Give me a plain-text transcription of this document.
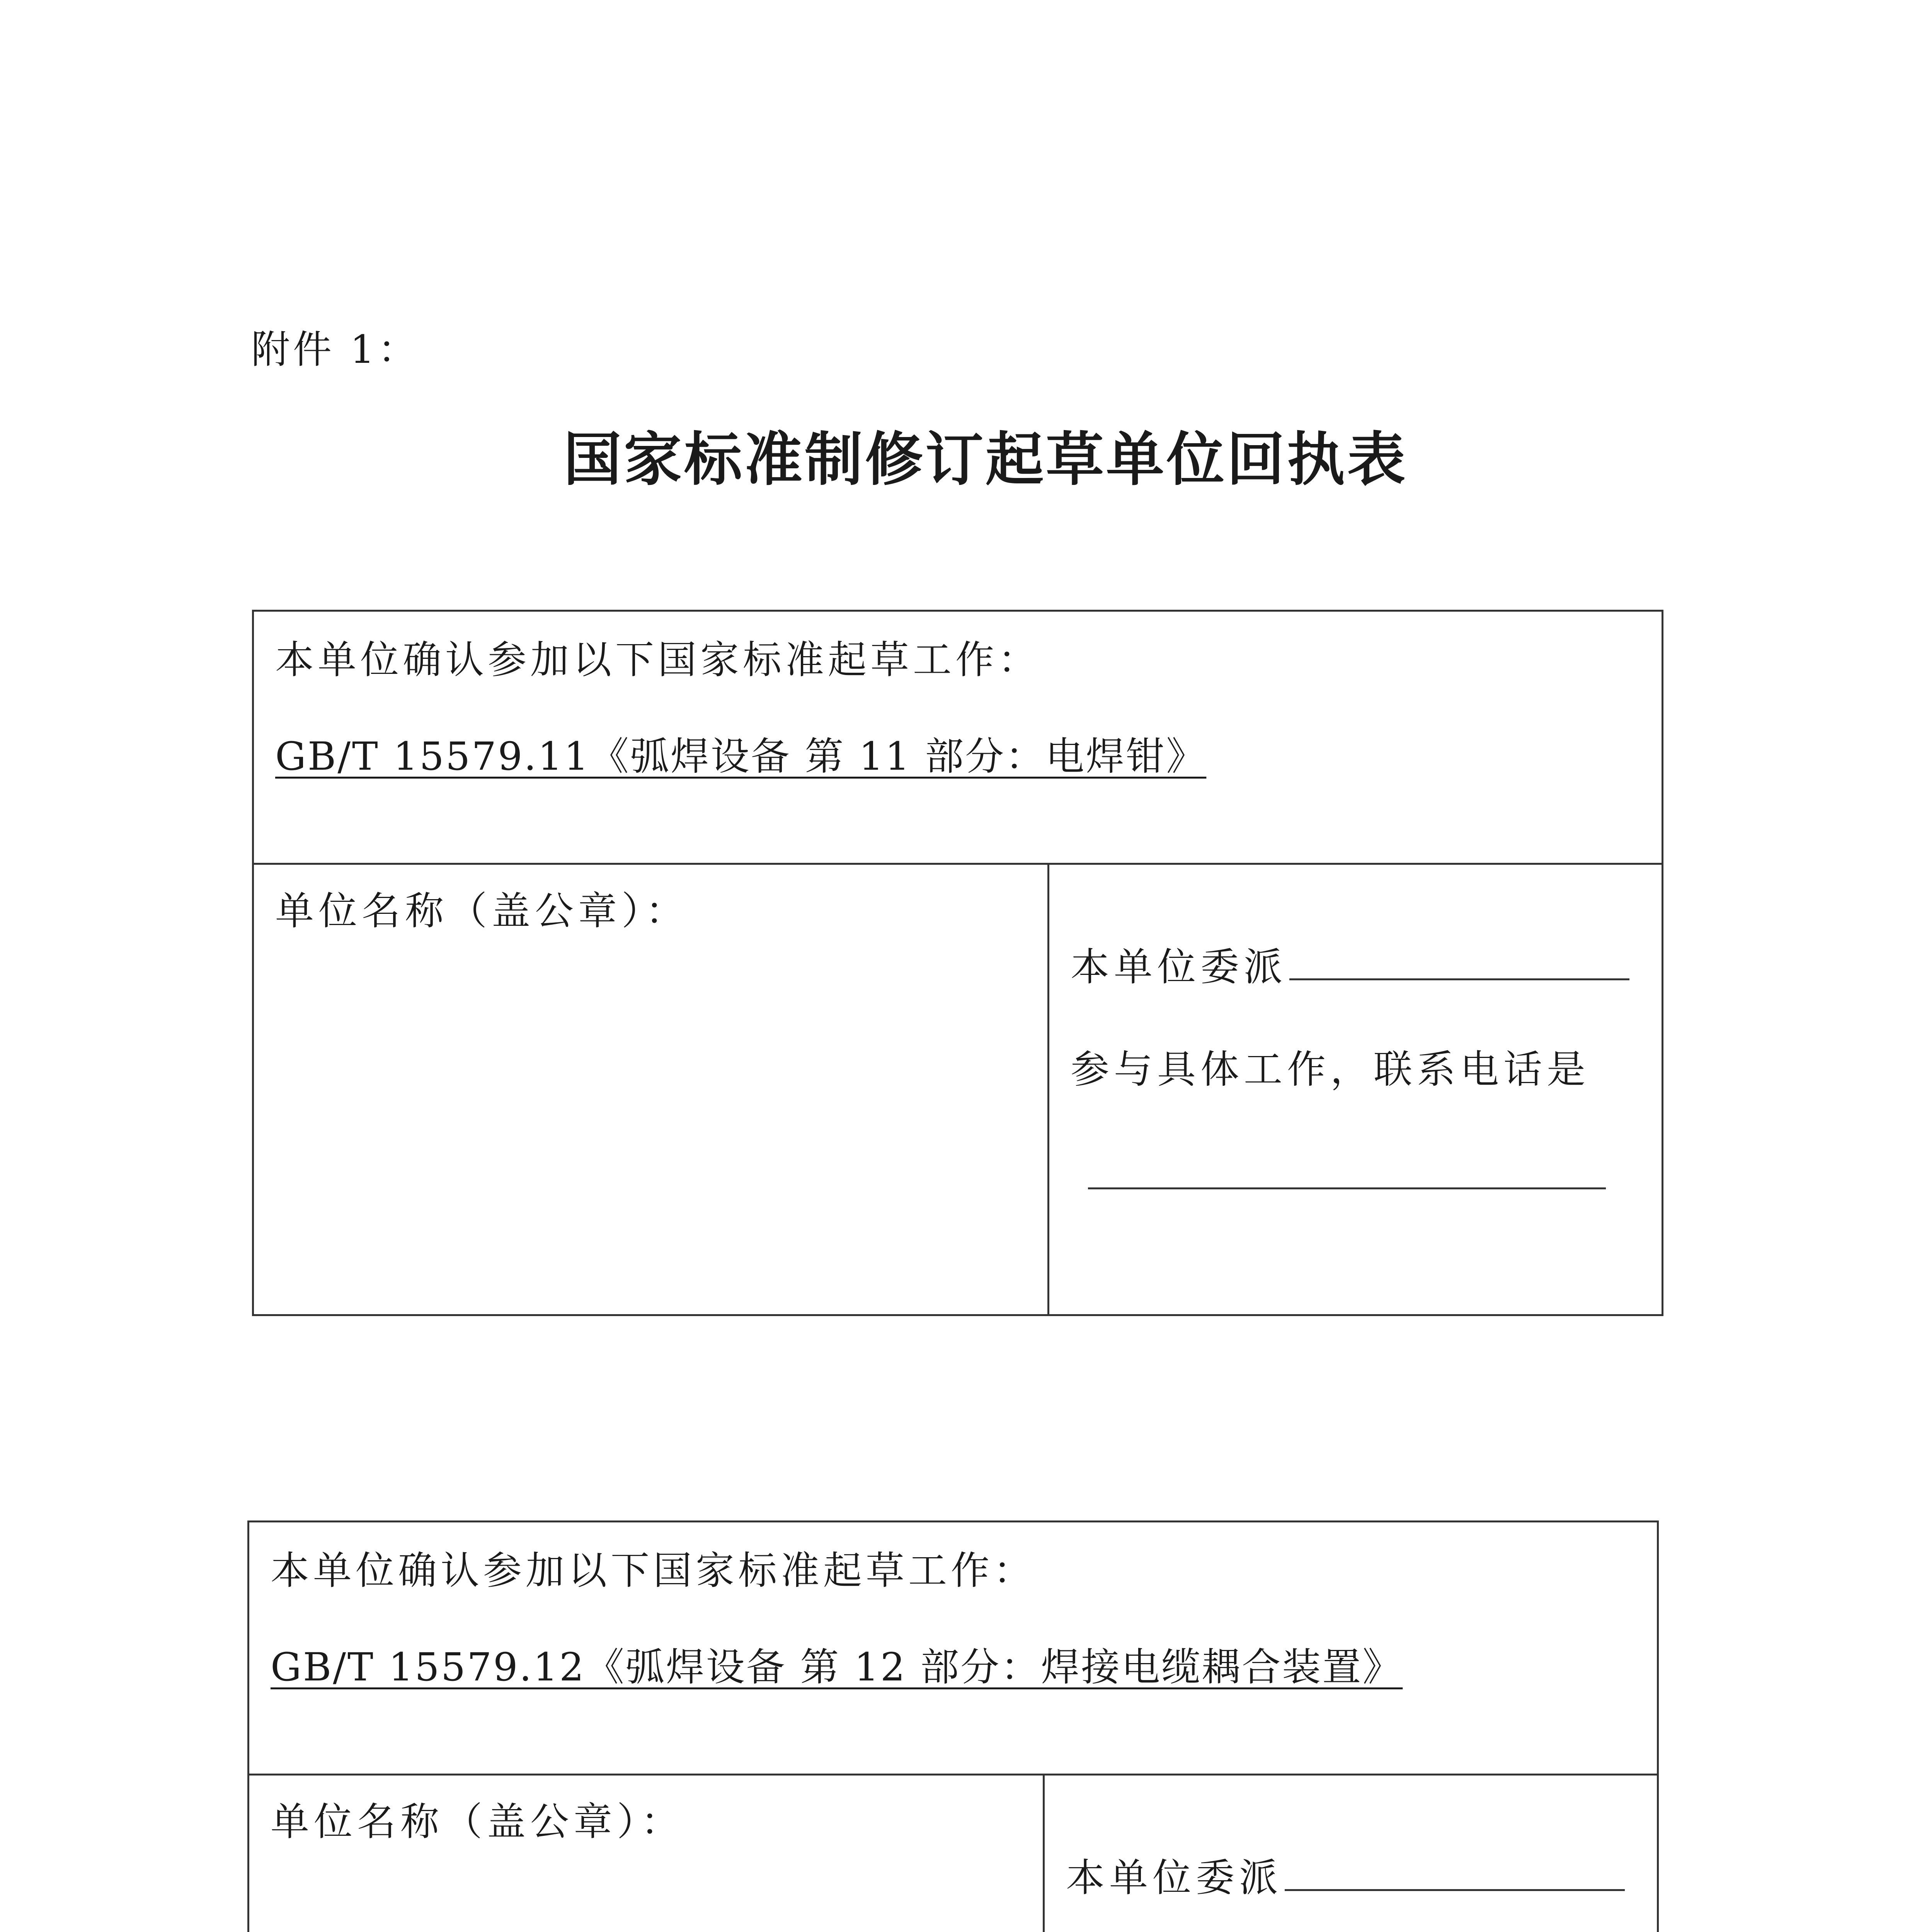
附件 1：
国家标准制修订起草单位回执表
本单位确认参加以下国家标准起草工作：
GB/T 15579.11《弧焊设备 第 11 部分：电焊钳》
单位名称（盖公章）：
本单位委派
参与具体工作，联系电话是
本单位确认参加以下国家标准起草工作：
GB/T 15579.12《弧焊设备 第 12 部分：焊接电缆耦合装置》
单位名称（盖公章）：
本单位委派
